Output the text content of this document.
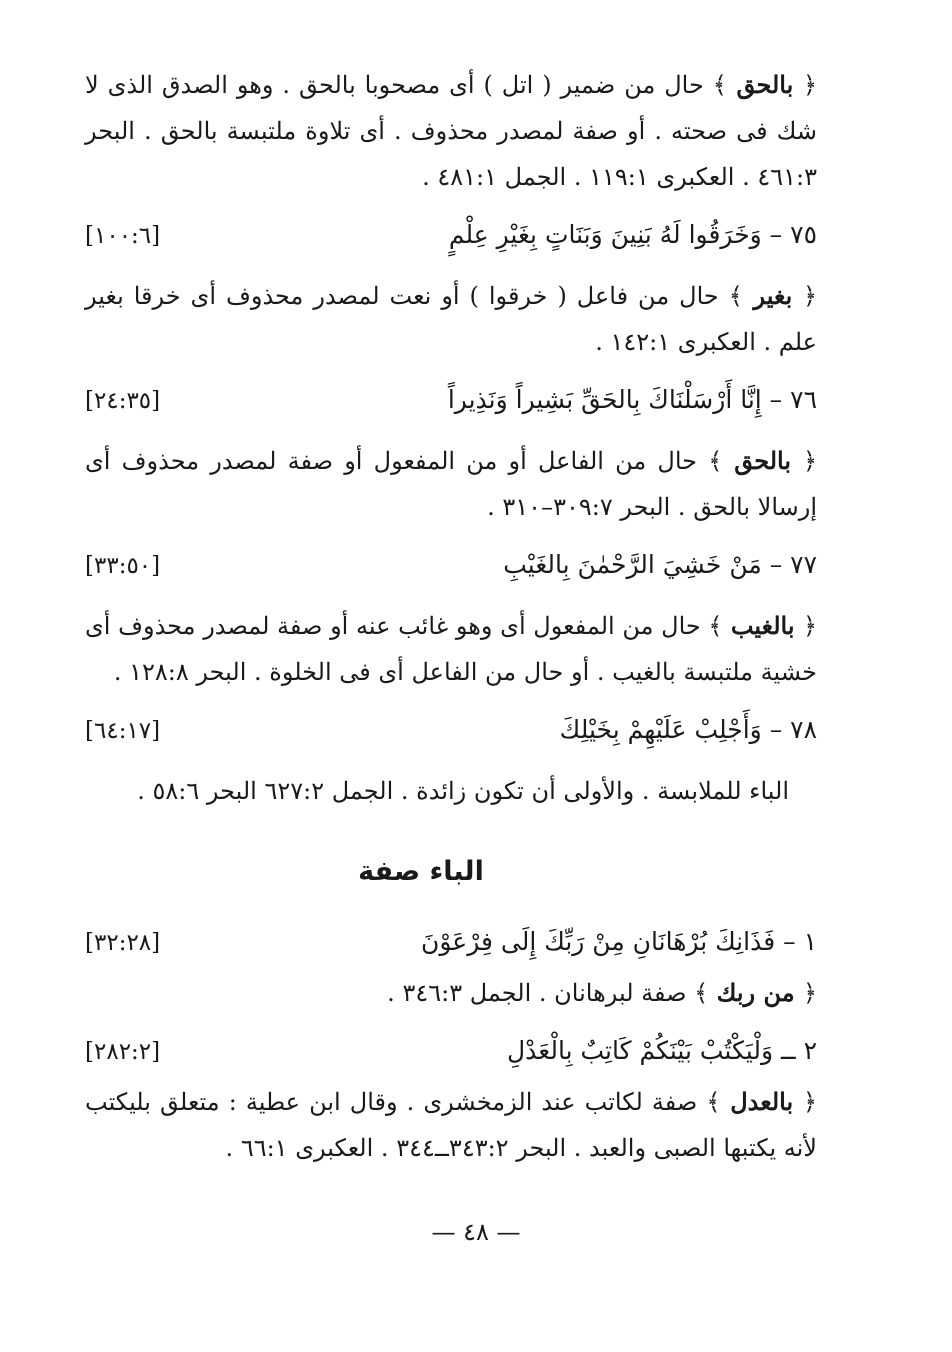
﴿ بالحق ﴾ حال من ضمير ( اتل ) أى مصحوبا بالحق . وهو الصدق الذى لا شك فى صحته . أو صفة لمصدر محذوف . أى تلاوة ملتبسة بالحق . البحر ٤٦١:٣ . العكبرى ١١٩:١ . الجمل ٤٨١:١ .

٧٥ – وَخَرَقُوا لَهُ بَنِينَ وَبَنَاتٍ بِغَيْرِ عِلْمٍ
[١٠٠:٦]

﴿ بغير ﴾ حال من فاعل ( خرقوا ) أو نعت لمصدر محذوف أى خرقا بغير علم . العكبرى ١٤٢:١ .

٧٦ – إِنَّا أَرْسَلْنَاكَ بِالحَقِّ بَشِيراً وَنَذِيراً
[٢٤:٣٥]

﴿ بالحق ﴾ حال من الفاعل أو من المفعول أو صفة لمصدر محذوف أى إرسالا بالحق . البحر ٣٠٩:٧–٣١٠ .

٧٧ – مَنْ خَشِيَ الرَّحْمٰنَ بِالغَيْبِ
[٣٣:٥٠]

﴿ بالغيب ﴾ حال من المفعول أى وهو غائب عنه أو صفة لمصدر محذوف أى خشية ملتبسة بالغيب . أو حال من الفاعل أى فى الخلوة . البحر ١٢٨:٨ .

٧٨ – وَأَجْلِبْ عَلَيْهِمْ بِخَيْلِكَ
[٦٤:١٧]

الباء للملابسة . والأولى أن تكون زائدة . الجمل ٦٢٧:٢ البحر ٥٨:٦ .

الباء صفة
١ – فَذَانِكَ بُرْهَانَانِ مِنْ رَبِّكَ إِلَى فِرْعَوْنَ
[٣٢:٢٨]

﴿ من ربك ﴾ صفة لبرهانان . الجمل ٣٤٦:٣ .

٢ ــ وَلْيَكْتُبْ بَيْنَكُمْ كَاتِبٌ بِالْعَدْلِ
[٢٨٢:٢]

﴿ بالعدل ﴾ صفة لكاتب عند الزمخشرى . وقال ابن عطية : متعلق بليكتب لأنه يكتبها الصبى والعبد . البحر ٣٤٣:٢ــ٣٤٤ . العكبرى ٦٦:١ .

— ٤٨ —
